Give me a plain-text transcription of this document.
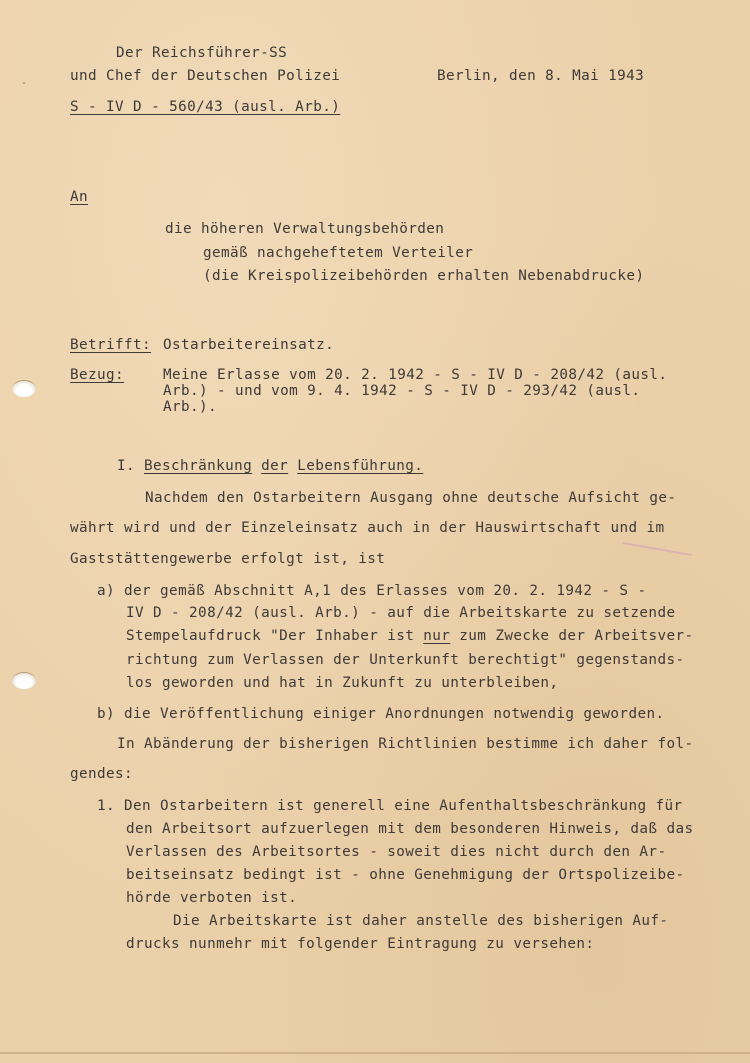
Der Reichsführer-SS
und Chef der Deutschen Polizei	Berlin, den 8. Mai 1943
S - IV D - 560/43 (ausl. Arb.)
An
die höheren Verwaltungsbehörden
gemäß nachgeheftetem Verteiler
(die Kreispolizeibehörden erhalten Nebenabdrucke)
Betrifft: Ostarbeitereinsatz.
Bezug:	Meine Erlasse vom 20. 2. 1942 - S - IV D - 208/42 (ausl.
Arb.) - und vom 9. 4. 1942 - S - IV D - 293/42 (ausl.
Arb.).
I. Beschränkung der Lebensführung.
Nachdem den Ostarbeitern Ausgang ohne deutsche Aufsicht ge-
währt wird und der Einzeleinsatz auch in der Hauswirtschaft und im
Gaststättengewerbe erfolgt ist, ist
a) der gemäß Abschnitt A,1 des Erlasses vom 20. 2. 1942 - S -
IV D - 208/42 (ausl. Arb.) - auf die Arbeitskarte zu setzende
Stempelaufdruck "Der Inhaber ist nur zum Zwecke der Arbeitsver-
richtung zum Verlassen der Unterkunft berechtigt" gegenstands-
los geworden und hat in Zukunft zu unterbleiben,
b) die Veröffentlichung einiger Anordnungen notwendig geworden.
In Abänderung der bisherigen Richtlinien bestimme ich daher fol-
gendes:
1. Den Ostarbeitern ist generell eine Aufenthaltsbeschränkung für
den Arbeitsort aufzuerlegen mit dem besonderen Hinweis, daß das
Verlassen des Arbeitsortes - soweit dies nicht durch den Ar-
beitseinsatz bedingt ist - ohne Genehmigung der Ortspolizeibe-
hörde verboten ist.
Die Arbeitskarte ist daher anstelle des bisherigen Auf-
drucks nunmehr mit folgender Eintragung zu versehen:
ˇ
